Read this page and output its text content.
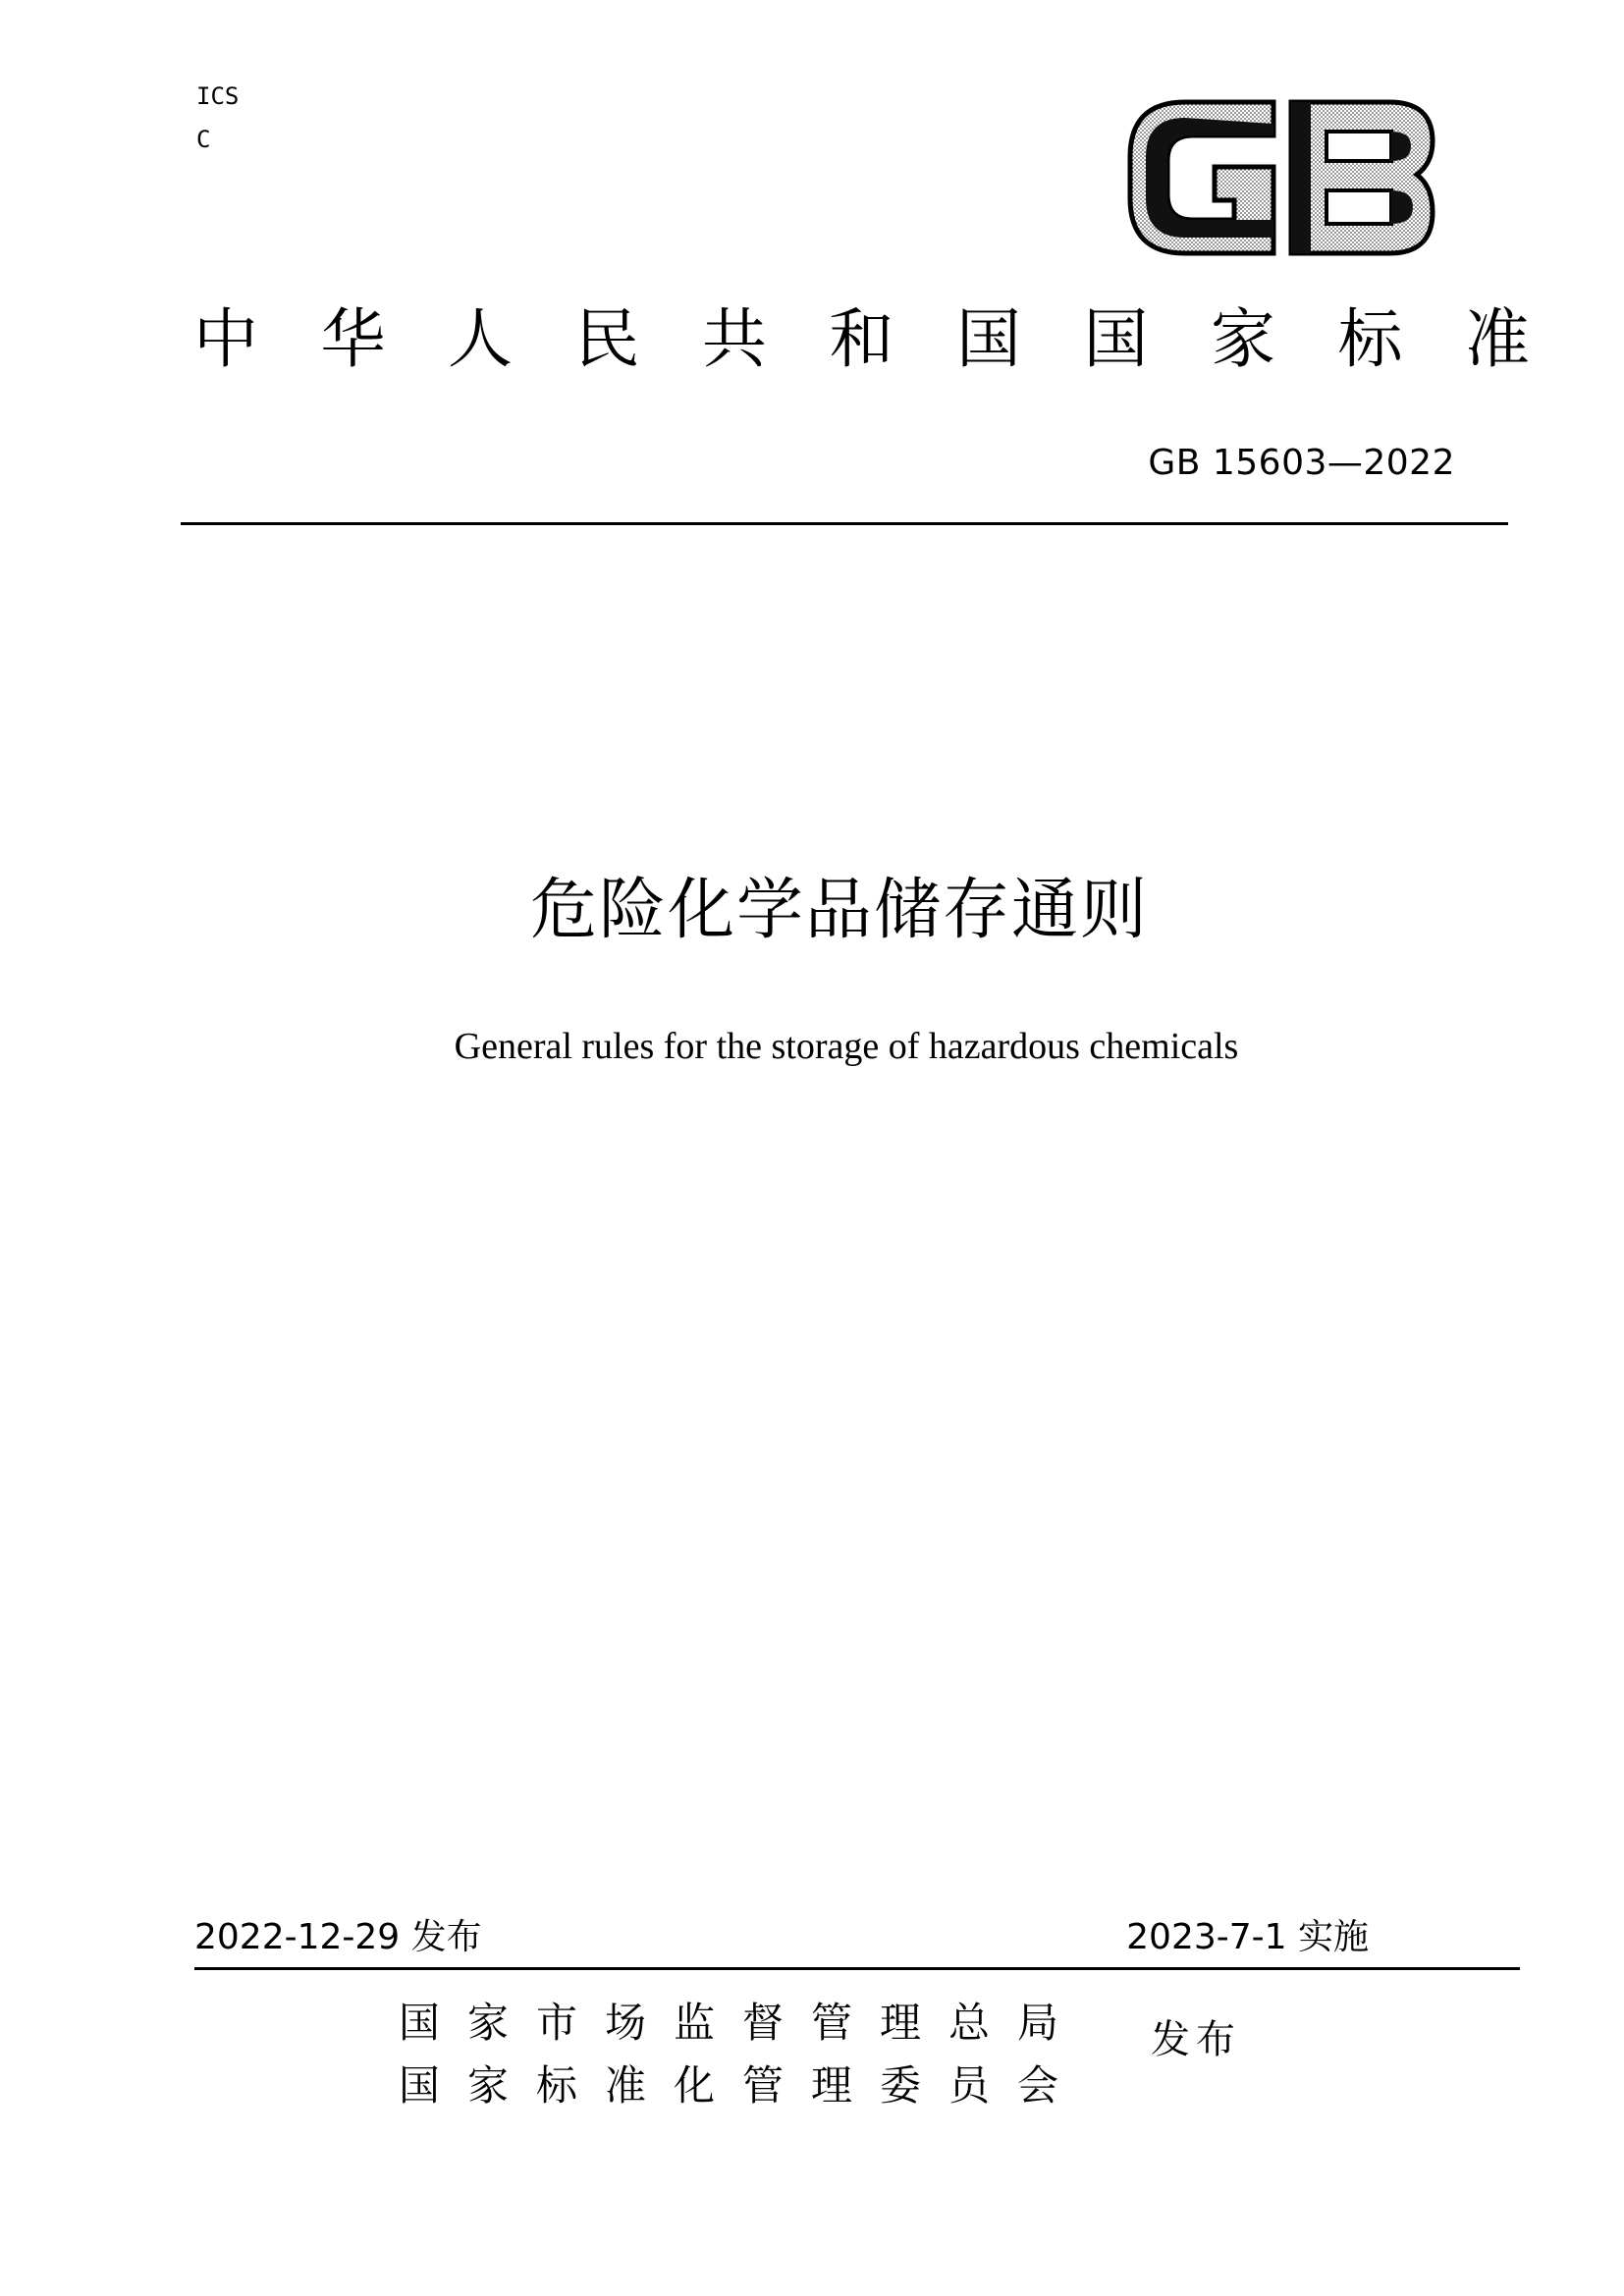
ICS
C
中 华 人 民 共 和 国 国 家 标 准
GB 15603—2022
危险化学品储存通则
General rules for the storage of hazardous chemicals
2022-12-29 发布	2023-7-1 实施
国 家 市 场 监 督 管 理 总 局
国 家 标 准 化 管 理 委 员 会
发布
